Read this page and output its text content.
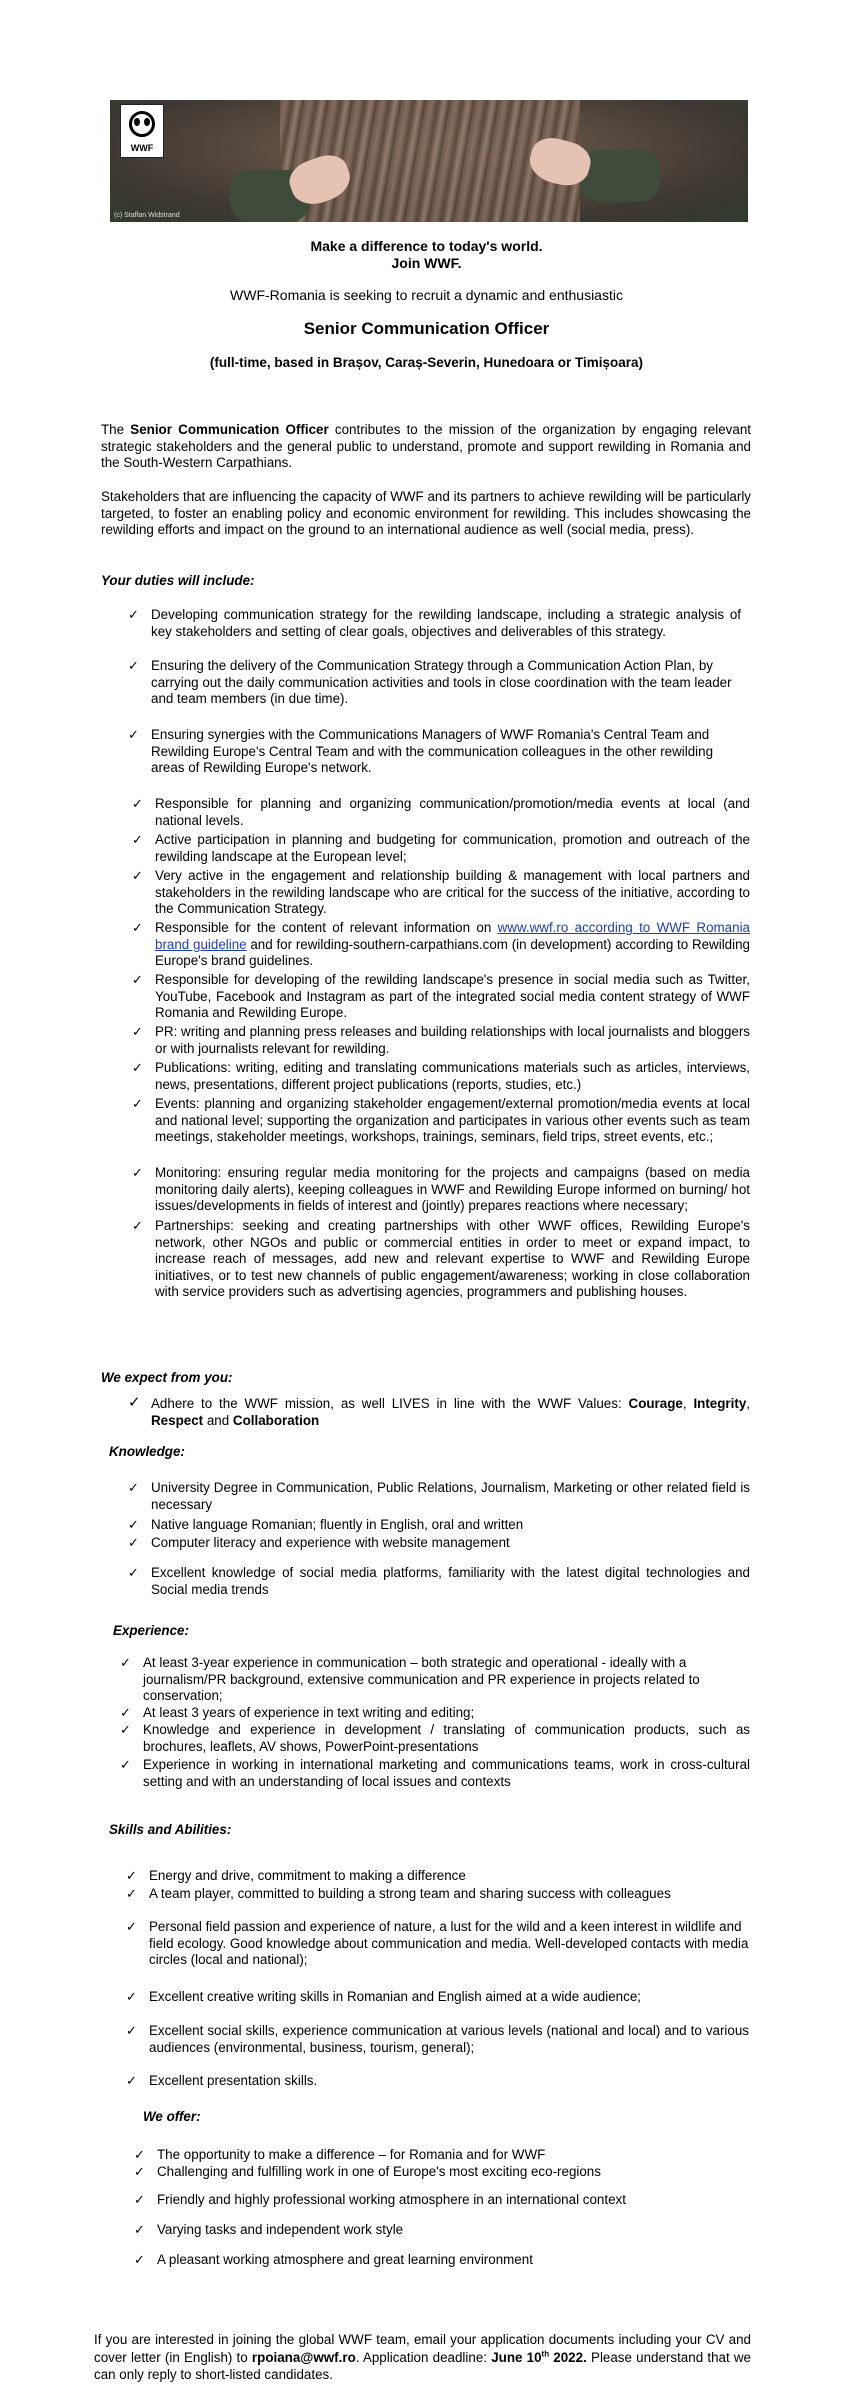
WWF
(c) Staffan Widstrand
Make a difference to today's world.
Join WWF.
WWF-Romania is seeking to recruit a dynamic and enthusiastic
Senior Communication Officer
(full-time, based in Brașov, Caraș-Severin, Hunedoara or Timișoara)
The Senior Communication Officer contributes to the mission of the organization by engaging relevant strategic stakeholders and the general public to understand, promote and support rewilding in Romania and the South-Western Carpathians.
Stakeholders that are influencing the capacity of WWF and its partners to achieve rewilding will be particularly targeted, to foster an enabling policy and economic environment for rewilding. This includes showcasing the rewilding efforts and impact on the ground to an international audience as well (social media, press).
Your duties will include:
✓ Developing communication strategy for the rewilding landscape, including a strategic analysis of key stakeholders and setting of clear goals, objectives and deliverables of this strategy.
✓ Ensuring the delivery of the Communication Strategy through a Communication Action Plan, by carrying out the daily communication activities and tools in close coordination with the team leader and team members (in due time).
✓ Ensuring synergies with the Communications Managers of WWF Romania's Central Team and Rewilding Europe's Central Team and with the communication colleagues in the other rewilding areas of Rewilding Europe's network.
✓ Responsible for planning and organizing communication/promotion/media events at local (and national levels.
✓ Active participation in planning and budgeting for communication, promotion and outreach of the rewilding landscape at the European level;
✓ Very active in the engagement and relationship building & management with local partners and stakeholders in the rewilding landscape who are critical for the success of the initiative, according to the Communication Strategy.
✓ Responsible for the content of relevant information on www.wwf.ro according to WWF Romania brand guideline and for rewilding-southern-carpathians.com (in development) according to Rewilding Europe's brand guidelines.
✓ Responsible for developing of the rewilding landscape's presence in social media such as Twitter, YouTube, Facebook and Instagram as part of the integrated social media content strategy of WWF Romania and Rewilding Europe.
✓ PR: writing and planning press releases and building relationships with local journalists and bloggers or with journalists relevant for rewilding.
✓ Publications: writing, editing and translating communications materials such as articles, interviews, news, presentations, different project publications (reports, studies, etc.)
✓ Events: planning and organizing stakeholder engagement/external promotion/media events at local and national level; supporting the organization and participates in various other events such as team meetings, stakeholder meetings, workshops, trainings, seminars, field trips, street events, etc.;
✓ Monitoring: ensuring regular media monitoring for the projects and campaigns (based on media monitoring daily alerts), keeping colleagues in WWF and Rewilding Europe informed on burning/ hot issues/developments in fields of interest and (jointly) prepares reactions where necessary;
✓ Partnerships: seeking and creating partnerships with other WWF offices, Rewilding Europe's network, other NGOs and public or commercial entities in order to meet or expand impact, to increase reach of messages, add new and relevant expertise to WWF and Rewilding Europe initiatives, or to test new channels of public engagement/awareness; working in close collaboration with service providers such as advertising agencies, programmers and publishing houses.
We expect from you:
✓ Adhere to the WWF mission, as well LIVES in line with the WWF Values: Courage, Integrity, Respect and Collaboration
Knowledge:
✓ University Degree in Communication, Public Relations, Journalism, Marketing or other related field is necessary
✓ Native language Romanian; fluently in English, oral and written
✓ Computer literacy and experience with website management
✓ Excellent knowledge of social media platforms, familiarity with the latest digital technologies and Social media trends
Experience:
✓ At least 3-year experience in communication – both strategic and operational - ideally with a journalism/PR background, extensive communication and PR experience in projects related to conservation;
✓ At least 3 years of experience in text writing and editing;
✓ Knowledge and experience in development / translating of communication products, such as brochures, leaflets, AV shows, PowerPoint-presentations
✓ Experience in working in international marketing and communications teams, work in cross-cultural setting and with an understanding of local issues and contexts
Skills and Abilities:
✓ Energy and drive, commitment to making a difference
✓ A team player, committed to building a strong team and sharing success with colleagues
✓ Personal field passion and experience of nature, a lust for the wild and a keen interest in wildlife and field ecology. Good knowledge about communication and media. Well-developed contacts with media circles (local and national);
✓ Excellent creative writing skills in Romanian and English aimed at a wide audience;
✓ Excellent social skills, experience communication at various levels (national and local) and to various audiences (environmental, business, tourism, general);
✓ Excellent presentation skills.
We offer:
✓ The opportunity to make a difference – for Romania and for WWF
✓ Challenging and fulfilling work in one of Europe's most exciting eco-regions
✓ Friendly and highly professional working atmosphere in an international context
✓ Varying tasks and independent work style
✓ A pleasant working atmosphere and great learning environment
If you are interested in joining the global WWF team, email your application documents including your CV and cover letter (in English) to rpoiana@wwf.ro. Application deadline: June 10th 2022. Please understand that we can only reply to short-listed candidates.
